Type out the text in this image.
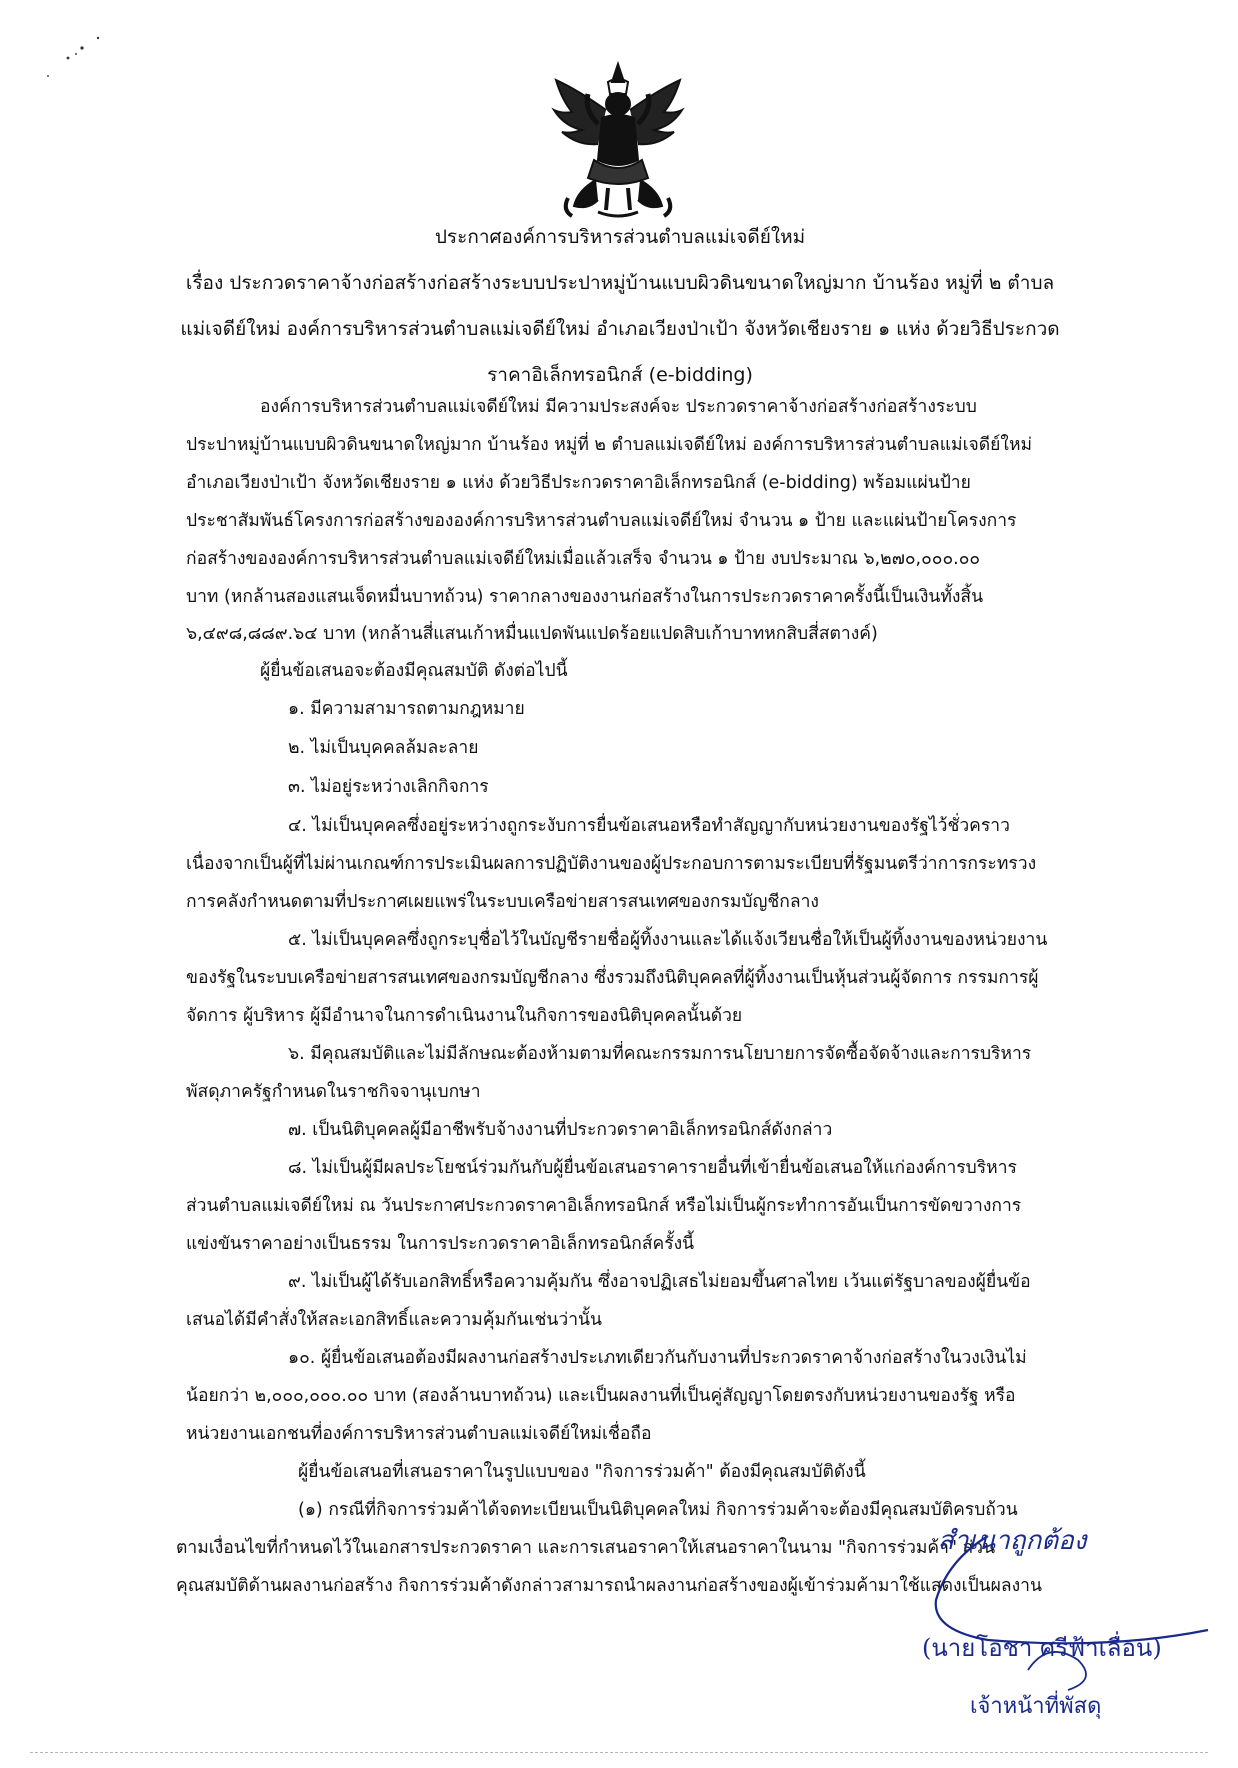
ประกาศองค์การบริหารส่วนตำบลแม่เจดีย์ใหม่
เรื่อง ประกวดราคาจ้างก่อสร้างก่อสร้างระบบประปาหมู่บ้านแบบผิวดินขนาดใหญ่มาก บ้านร้อง หมู่ที่ ๒ ตำบล
แม่เจดีย์ใหม่ องค์การบริหารส่วนตำบลแม่เจดีย์ใหม่ อำเภอเวียงป่าเป้า จังหวัดเชียงราย ๑ แห่ง ด้วยวิธีประกวด
ราคาอิเล็กทรอนิกส์ (e-bidding)
องค์การบริหารส่วนตำบลแม่เจดีย์ใหม่ มีความประสงค์จะ ประกวดราคาจ้างก่อสร้างก่อสร้างระบบ
ประปาหมู่บ้านแบบผิวดินขนาดใหญ่มาก บ้านร้อง หมู่ที่ ๒ ตำบลแม่เจดีย์ใหม่ องค์การบริหารส่วนตำบลแม่เจดีย์ใหม่
อำเภอเวียงป่าเป้า จังหวัดเชียงราย ๑ แห่ง ด้วยวิธีประกวดราคาอิเล็กทรอนิกส์ (e-bidding) พร้อมแผ่นป้าย
ประชาสัมพันธ์โครงการก่อสร้างขององค์การบริหารส่วนตำบลแม่เจดีย์ใหม่ จำนวน ๑ ป้าย และแผ่นป้ายโครงการ
ก่อสร้างขององค์การบริหารส่วนตำบลแม่เจดีย์ใหม่เมื่อแล้วเสร็จ จำนวน ๑ ป้าย งบประมาณ ๖,๒๗๐,๐๐๐.๐๐
บาท (หกล้านสองแสนเจ็ดหมื่นบาทถ้วน) ราคากลางของงานก่อสร้างในการประกวดราคาครั้งนี้เป็นเงินทั้งสิ้น
๖,๔๙๘,๘๘๙.๖๔ บาท (หกล้านสี่แสนเก้าหมื่นแปดพันแปดร้อยแปดสิบเก้าบาทหกสิบสี่สตางค์)
ผู้ยื่นข้อเสนอจะต้องมีคุณสมบัติ ดังต่อไปนี้
๑. มีความสามารถตามกฎหมาย
๒. ไม่เป็นบุคคลล้มละลาย
๓. ไม่อยู่ระหว่างเลิกกิจการ
๔. ไม่เป็นบุคคลซึ่งอยู่ระหว่างถูกระงับการยื่นข้อเสนอหรือทำสัญญากับหน่วยงานของรัฐไว้ชั่วคราว
เนื่องจากเป็นผู้ที่ไม่ผ่านเกณฑ์การประเมินผลการปฏิบัติงานของผู้ประกอบการตามระเบียบที่รัฐมนตรีว่าการกระทรวง
การคลังกำหนดตามที่ประกาศเผยแพร่ในระบบเครือข่ายสารสนเทศของกรมบัญชีกลาง
๕. ไม่เป็นบุคคลซึ่งถูกระบุชื่อไว้ในบัญชีรายชื่อผู้ทิ้งงานและได้แจ้งเวียนชื่อให้เป็นผู้ทิ้งงานของหน่วยงาน
ของรัฐในระบบเครือข่ายสารสนเทศของกรมบัญชีกลาง ซึ่งรวมถึงนิติบุคคลที่ผู้ทิ้งงานเป็นหุ้นส่วนผู้จัดการ กรรมการผู้
จัดการ ผู้บริหาร ผู้มีอำนาจในการดำเนินงานในกิจการของนิติบุคคลนั้นด้วย
๖. มีคุณสมบัติและไม่มีลักษณะต้องห้ามตามที่คณะกรรมการนโยบายการจัดซื้อจัดจ้างและการบริหาร
พัสดุภาครัฐกำหนดในราชกิจจานุเบกษา
๗. เป็นนิติบุคคลผู้มีอาชีพรับจ้างงานที่ประกวดราคาอิเล็กทรอนิกส์ดังกล่าว
๘. ไม่เป็นผู้มีผลประโยชน์ร่วมกันกับผู้ยื่นข้อเสนอราคารายอื่นที่เข้ายื่นข้อเสนอให้แก่องค์การบริหาร
ส่วนตำบลแม่เจดีย์ใหม่ ณ วันประกาศประกวดราคาอิเล็กทรอนิกส์ หรือไม่เป็นผู้กระทำการอันเป็นการขัดขวางการ
แข่งขันราคาอย่างเป็นธรรม ในการประกวดราคาอิเล็กทรอนิกส์ครั้งนี้
๙. ไม่เป็นผู้ได้รับเอกสิทธิ์หรือความคุ้มกัน ซึ่งอาจปฏิเสธไม่ยอมขึ้นศาลไทย เว้นแต่รัฐบาลของผู้ยื่นข้อ
เสนอได้มีคำสั่งให้สละเอกสิทธิ์และความคุ้มกันเช่นว่านั้น
๑๐. ผู้ยื่นข้อเสนอต้องมีผลงานก่อสร้างประเภทเดียวกันกับงานที่ประกวดราคาจ้างก่อสร้างในวงเงินไม่
น้อยกว่า ๒,๐๐๐,๐๐๐.๐๐ บาท (สองล้านบาทถ้วน) และเป็นผลงานที่เป็นคู่สัญญาโดยตรงกับหน่วยงานของรัฐ หรือ
หน่วยงานเอกชนที่องค์การบริหารส่วนตำบลแม่เจดีย์ใหม่เชื่อถือ
ผู้ยื่นข้อเสนอที่เสนอราคาในรูปแบบของ "กิจการร่วมค้า" ต้องมีคุณสมบัติดังนี้
(๑) กรณีที่กิจการร่วมค้าได้จดทะเบียนเป็นนิติบุคคลใหม่ กิจการร่วมค้าจะต้องมีคุณสมบัติครบถ้วน
ตามเงื่อนไขที่กำหนดไว้ในเอกสารประกวดราคา และการเสนอราคาให้เสนอราคาในนาม "กิจการร่วมค้า" ส่วน
คุณสมบัติด้านผลงานก่อสร้าง กิจการร่วมค้าดังกล่าวสามารถนำผลงานก่อสร้างของผู้เข้าร่วมค้ามาใช้แสดงเป็นผลงาน
สำเนาถูกต้อง
(นายโอชา ศรีฟ้าเลื่อน)
เจ้าหน้าที่พัสดุ
